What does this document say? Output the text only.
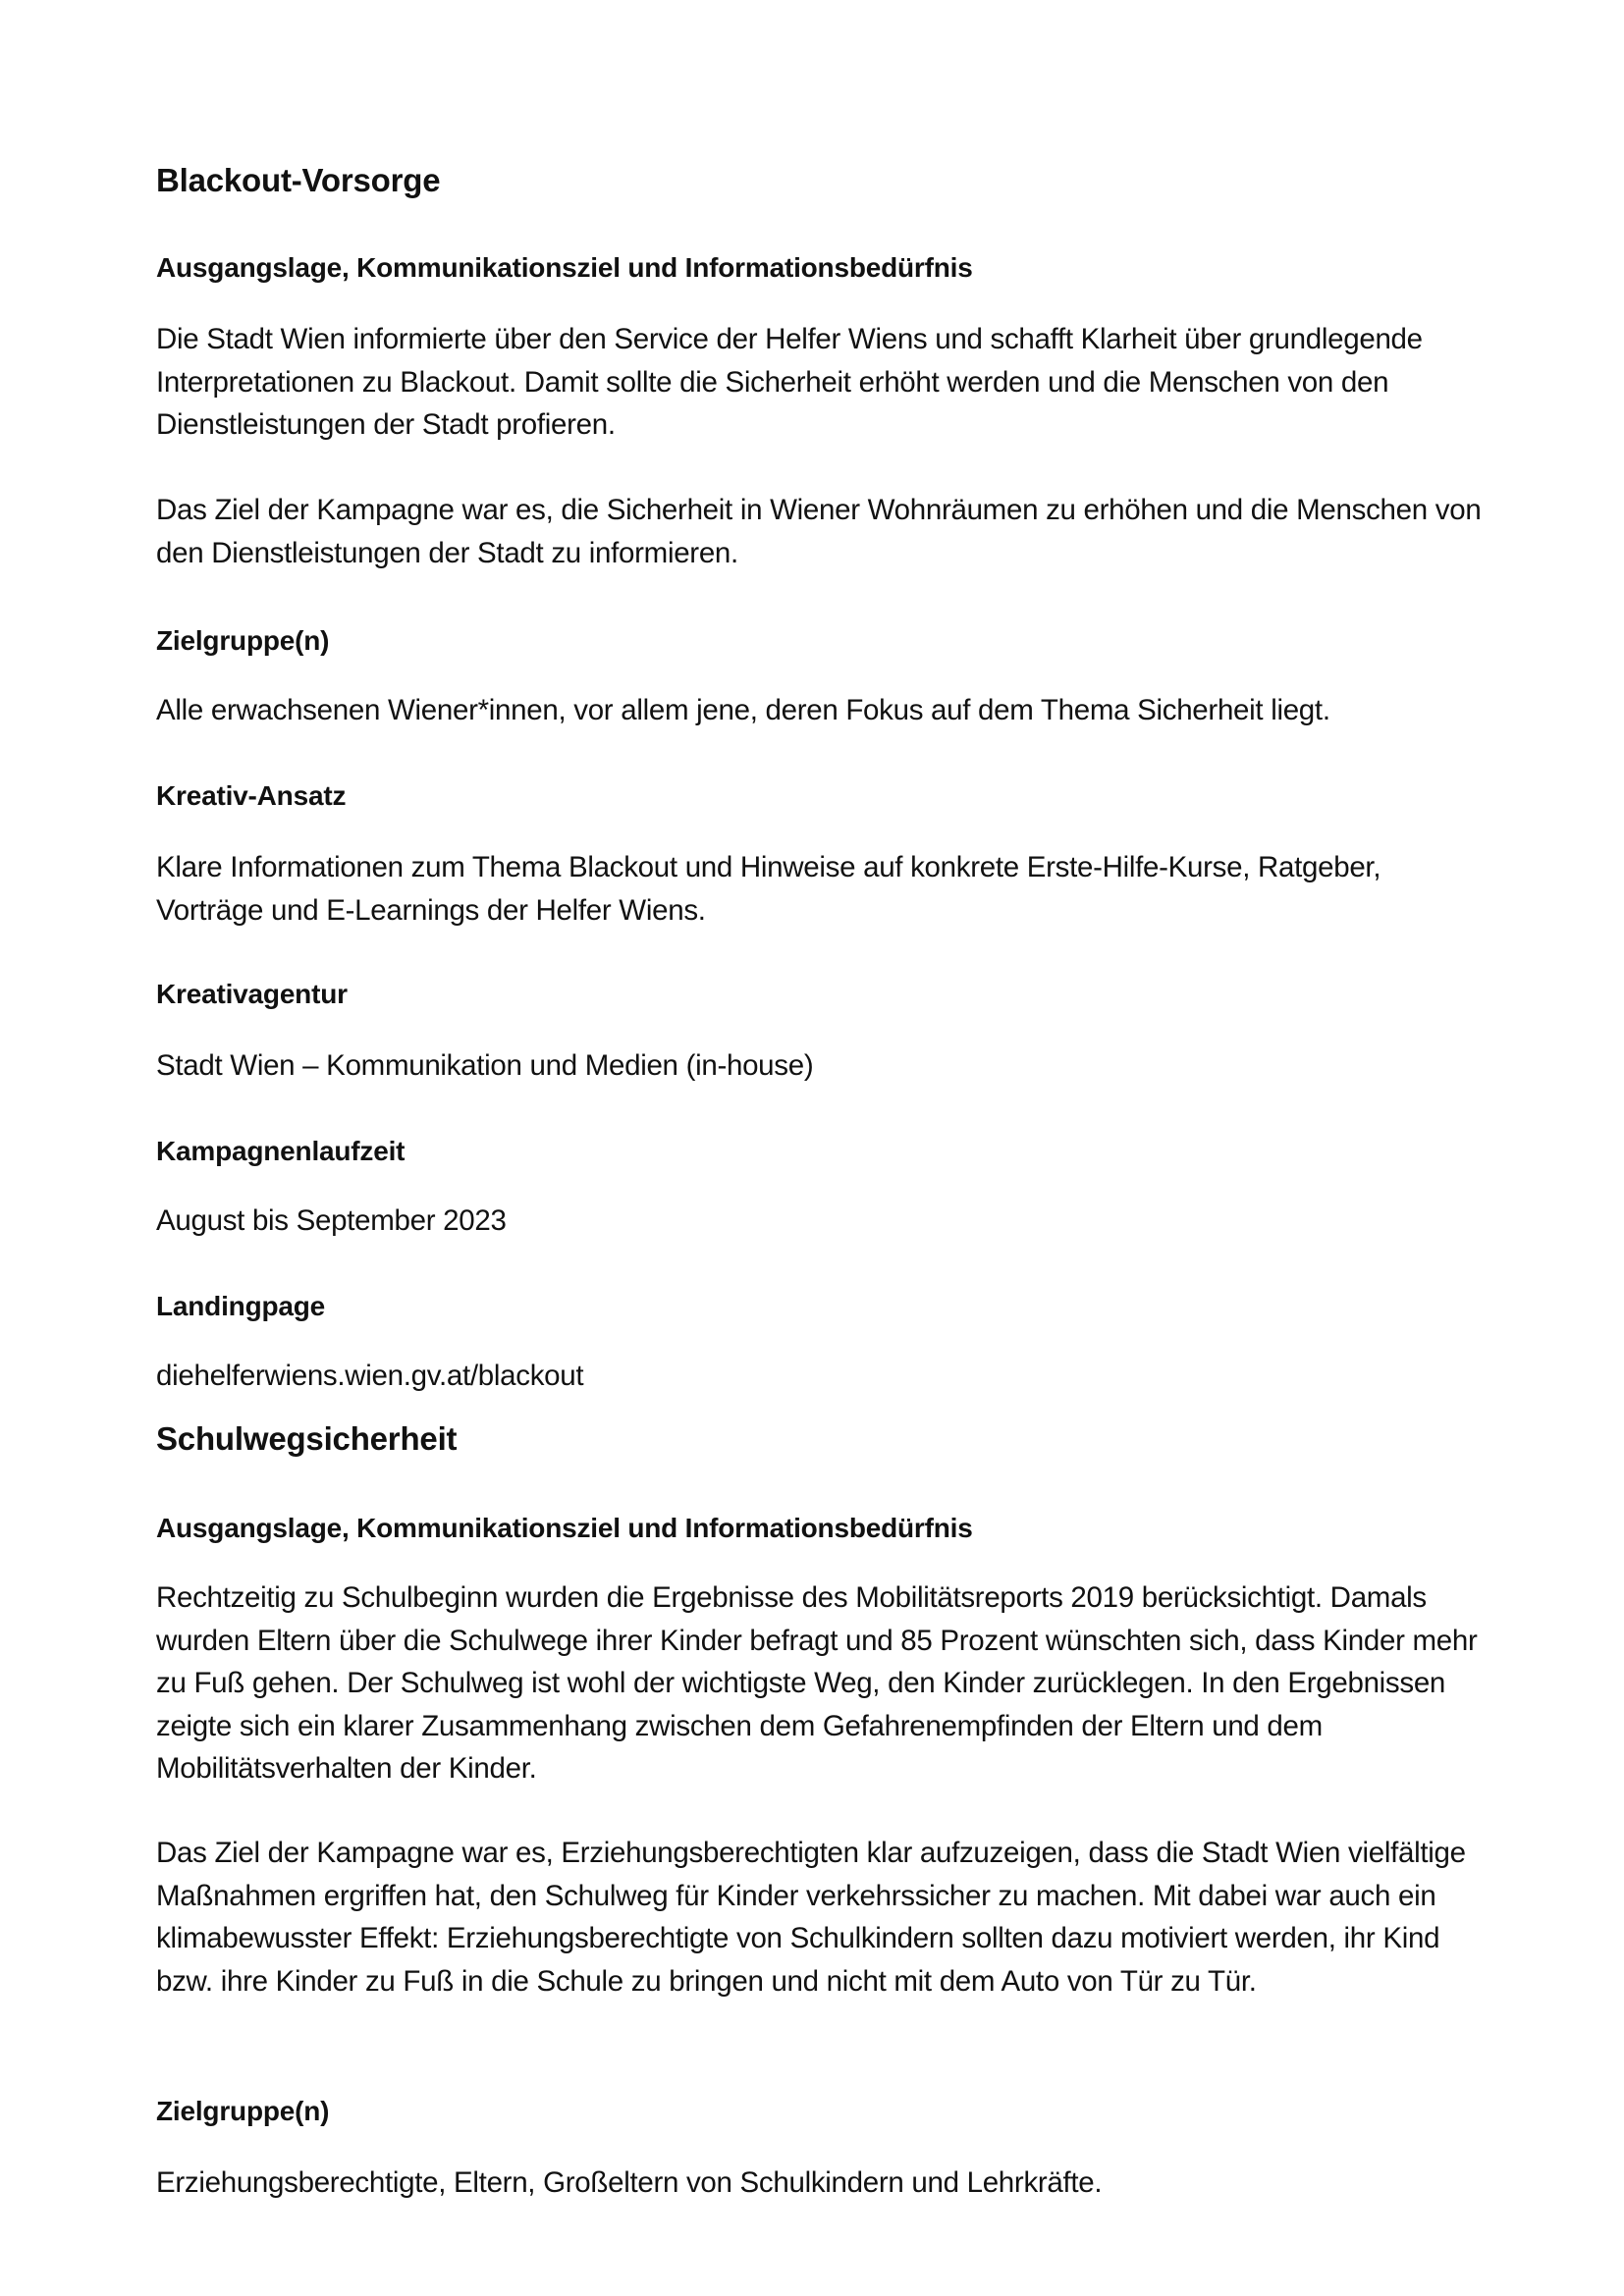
Blackout-Vorsorge
Ausgangslage, Kommunikationsziel und Informationsbedürfnis

Die Stadt Wien informierte über den Service der Helfer Wiens und schafft Klarheit über grundlegende Interpretationen zu Blackout. Damit sollte die Sicherheit erhöht werden und die Menschen von den Dienstleistungen der Stadt profieren.

Das Ziel der Kampagne war es, die Sicherheit in Wiener Wohnräumen zu erhöhen und die Menschen von den Dienstleistungen der Stadt zu informieren.

Zielgruppe(n)

Alle erwachsenen Wiener*innen, vor allem jene, deren Fokus auf dem Thema Sicherheit liegt.

Kreativ-Ansatz

Klare Informationen zum Thema Blackout und Hinweise auf konkrete Erste-Hilfe-Kurse, Ratgeber, Vorträge und E-Learnings der Helfer Wiens.

Kreativagentur

Stadt Wien – Kommunikation und Medien (in-house)

Kampagnenlaufzeit

August bis September 2023

Landingpage

diehelferwiens.wien.gv.at/blackout

Schulwegsicherheit
Ausgangslage, Kommunikationsziel und Informationsbedürfnis

Rechtzeitig zu Schulbeginn wurden die Ergebnisse des Mobilitätsreports 2019 berücksichtigt. Damals wurden Eltern über die Schulwege ihrer Kinder befragt und 85 Prozent wünschten sich, dass Kinder mehr zu Fuß gehen. Der Schulweg ist wohl der wichtigste Weg, den Kinder zurücklegen. In den Ergebnissen zeigte sich ein klarer Zusammenhang zwischen dem Gefahrenempfinden der Eltern und dem Mobilitätsverhalten der Kinder.

Das Ziel der Kampagne war es, Erziehungsberechtigten klar aufzuzeigen, dass die Stadt Wien vielfältige Maßnahmen ergriffen hat, den Schulweg für Kinder verkehrssicher zu machen. Mit dabei war auch ein klimabewusster Effekt: Erziehungsberechtigte von Schulkindern sollten dazu motiviert werden, ihr Kind bzw. ihre Kinder zu Fuß in die Schule zu bringen und nicht mit dem Auto von Tür zu Tür.

Zielgruppe(n)

Erziehungsberechtigte, Eltern, Großeltern von Schulkindern und Lehrkräfte.
